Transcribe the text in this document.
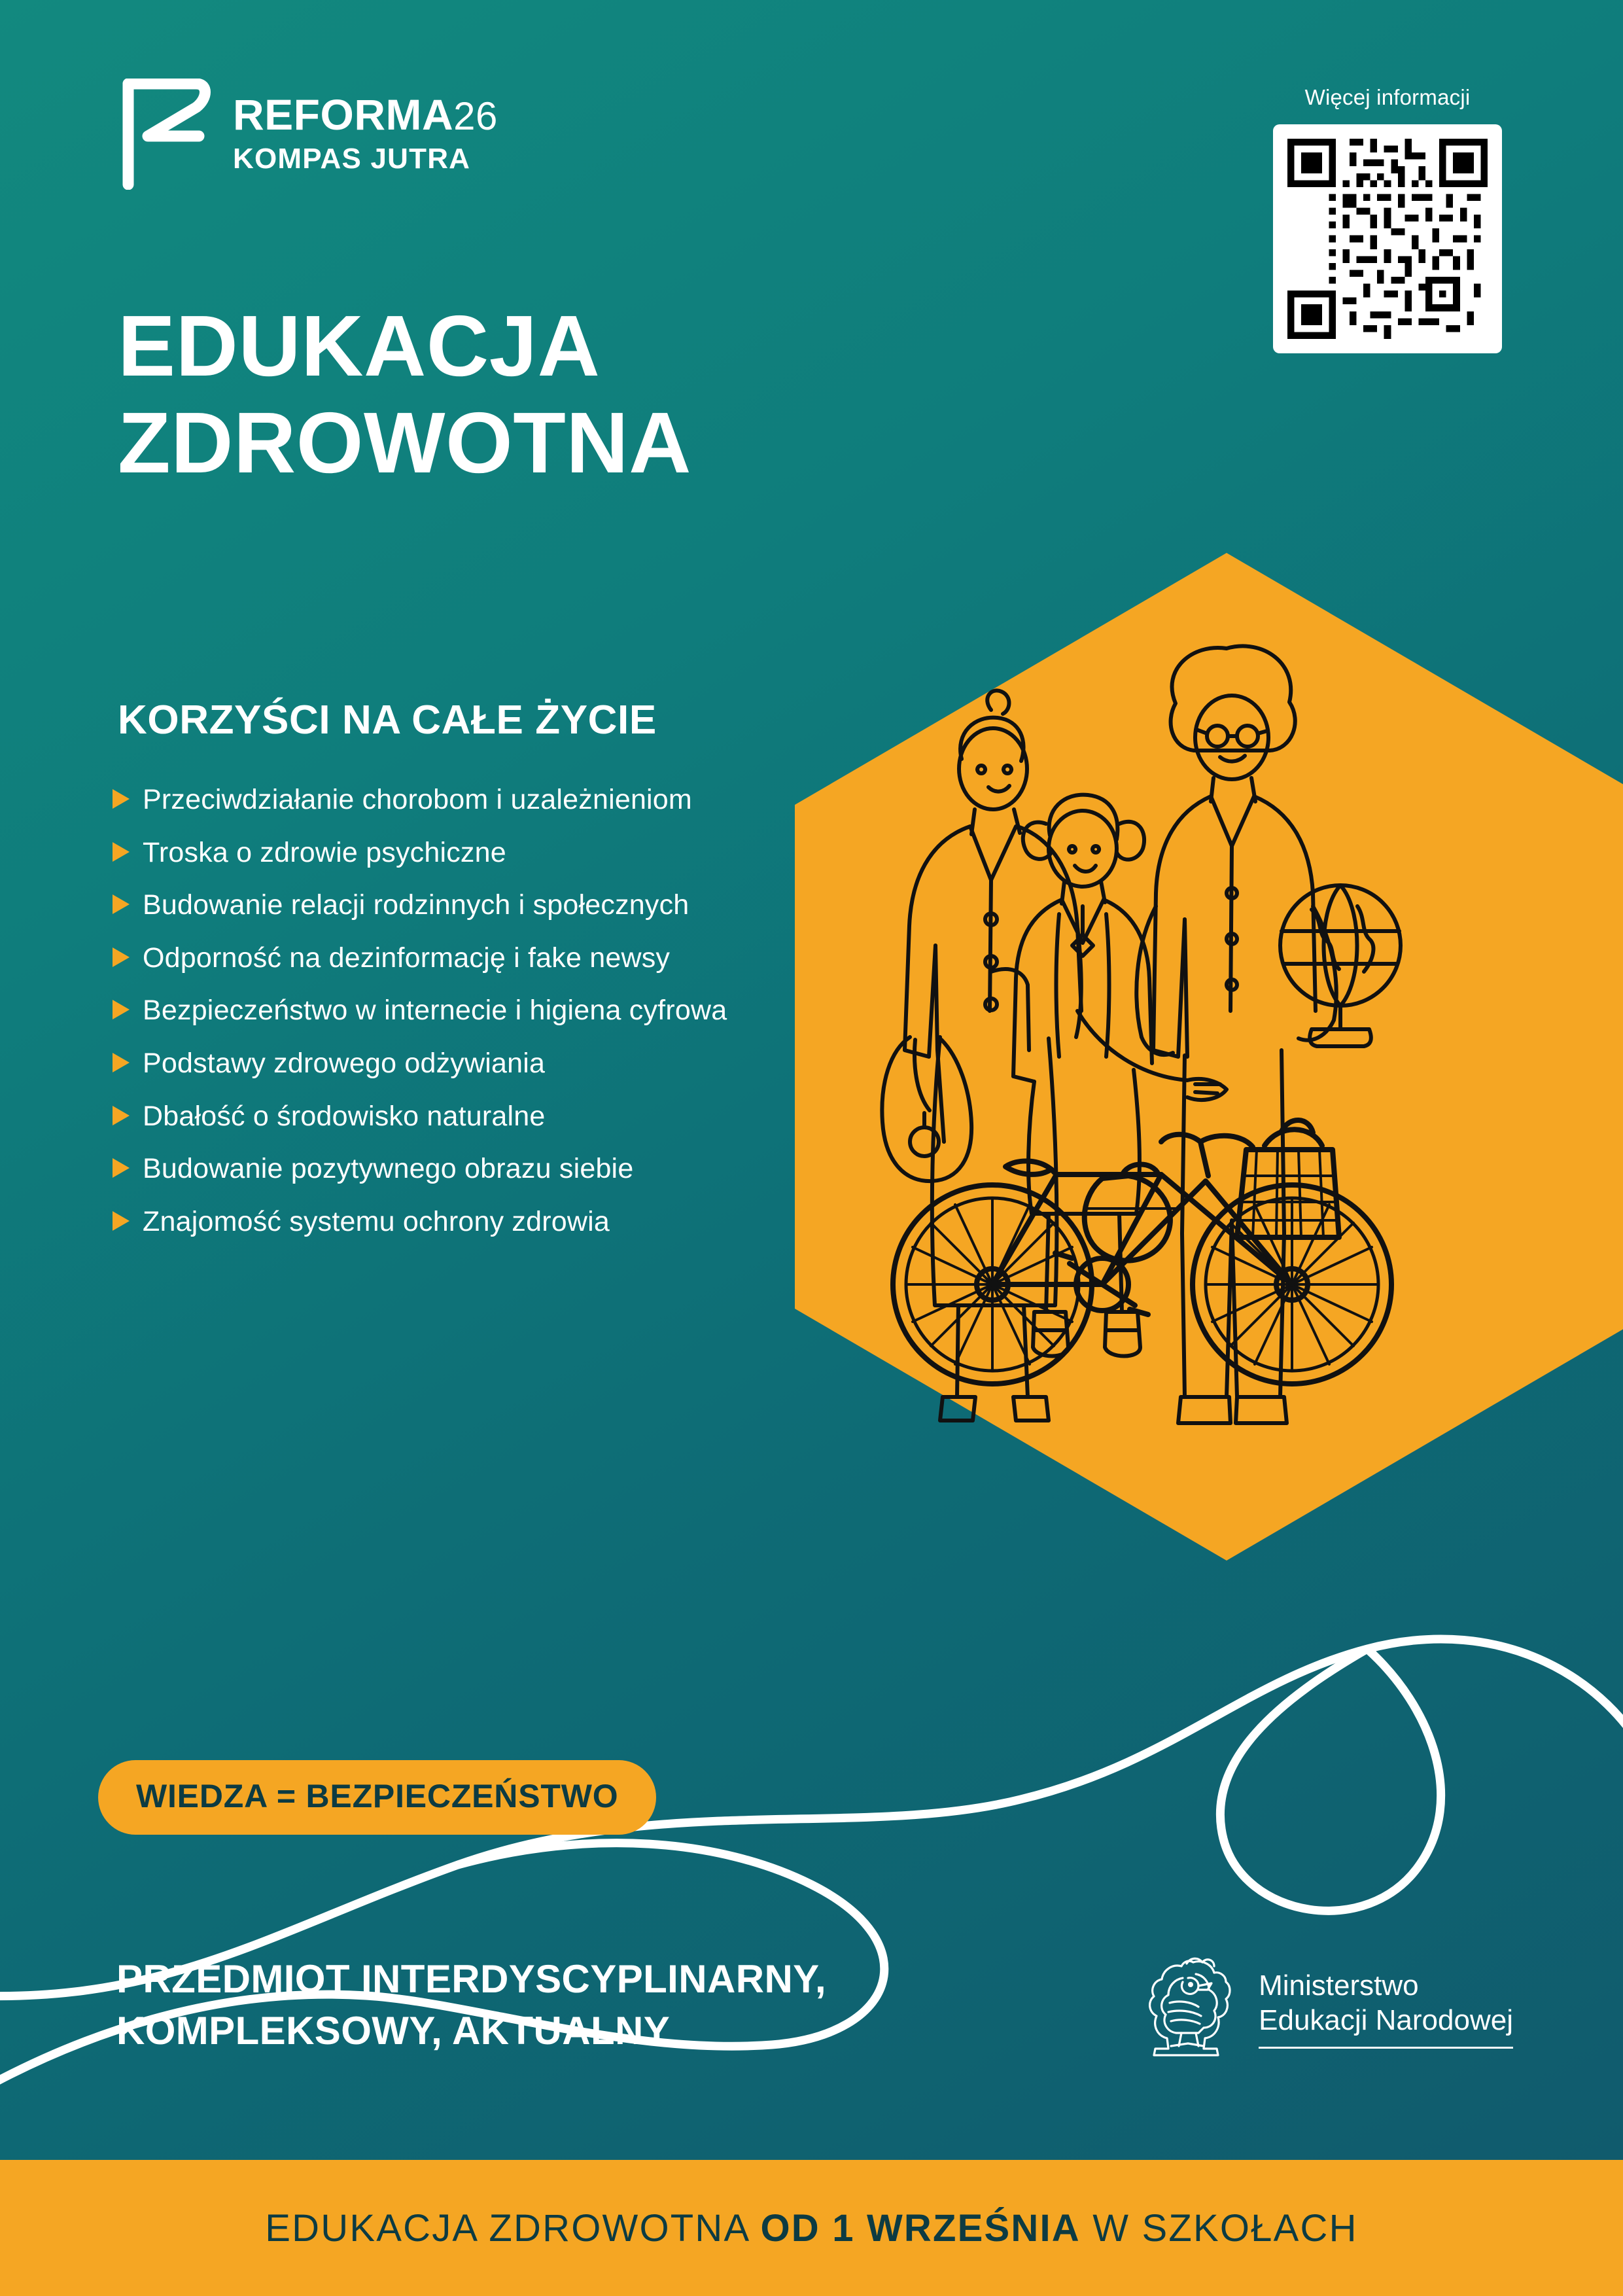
REFORMA26
KOMPAS JUTRA
Więcej informacji
EDUKACJA
ZDROWOTNA
KORZYŚCI NA CAŁE ŻYCIE
Przeciwdziałanie chorobom i uzależnieniom
Troska o zdrowie psychiczne
Budowanie relacji rodzinnych i społecznych
Odporność na dezinformację i fake newsy
Bezpieczeństwo w internecie i higiena cyfrowa
Podstawy zdrowego odżywiania
Dbałość o środowisko naturalne
Budowanie pozytywnego obrazu siebie
Znajomość systemu ochrony zdrowia
WIEDZA = BEZPIECZEŃSTWO
PRZEDMIOT INTERDYSCYPLINARNY,
KOMPLEKSOWY, AKTUALNY
Ministerstwo
Edukacji Narodowej
EDUKACJA ZDROWOTNA OD 1 WRZEŚNIA W SZKOŁACH
